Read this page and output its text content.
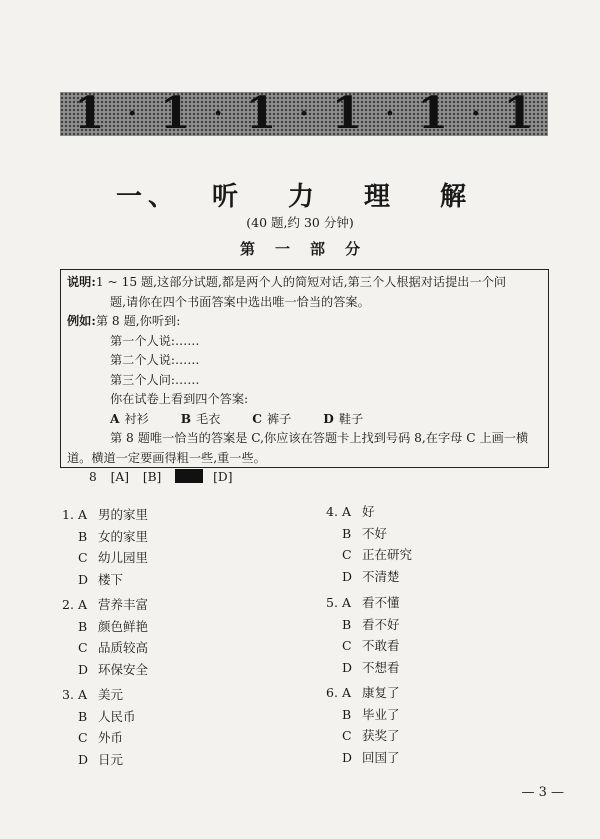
1 · 1 · 1 · 1 · 1 · 1
一、 听 力 理 解
(40 题,约 30 分钟)
第 一 部 分
说明:1 ~ 15 题,这部分试题,都是两个人的简短对话,第三个人根据对话提出一个问
题,请你在四个书面答案中选出唯一恰当的答案。
例如:第 8 题,你听到:
第一个人说:……
第二个人说:……
第三个人问:……
你在试卷上看到四个答案:
A 衬衫	B 毛衣	C 裤子	D 鞋子
第 8 题唯一恰当的答案是 C,你应该在答题卡上找到号码 8,在字母 C 上画一横
道。横道一定要画得粗一些,重一些。
8 [A] [B]	[D]
1. A 男的家里
B 女的家里
C 幼儿园里
D 楼下
2. A 营养丰富
B 颜色鲜艳
C 品质较高
D 环保安全
3. A 美元
B 人民币
C 外币
D 日元
4. A 好
B 不好
C 正在研究
D 不清楚
5. A 看不懂
B 看不好
C 不敢看
D 不想看
6. A 康复了
B 毕业了
C 获奖了
D 回国了
— 3 —
